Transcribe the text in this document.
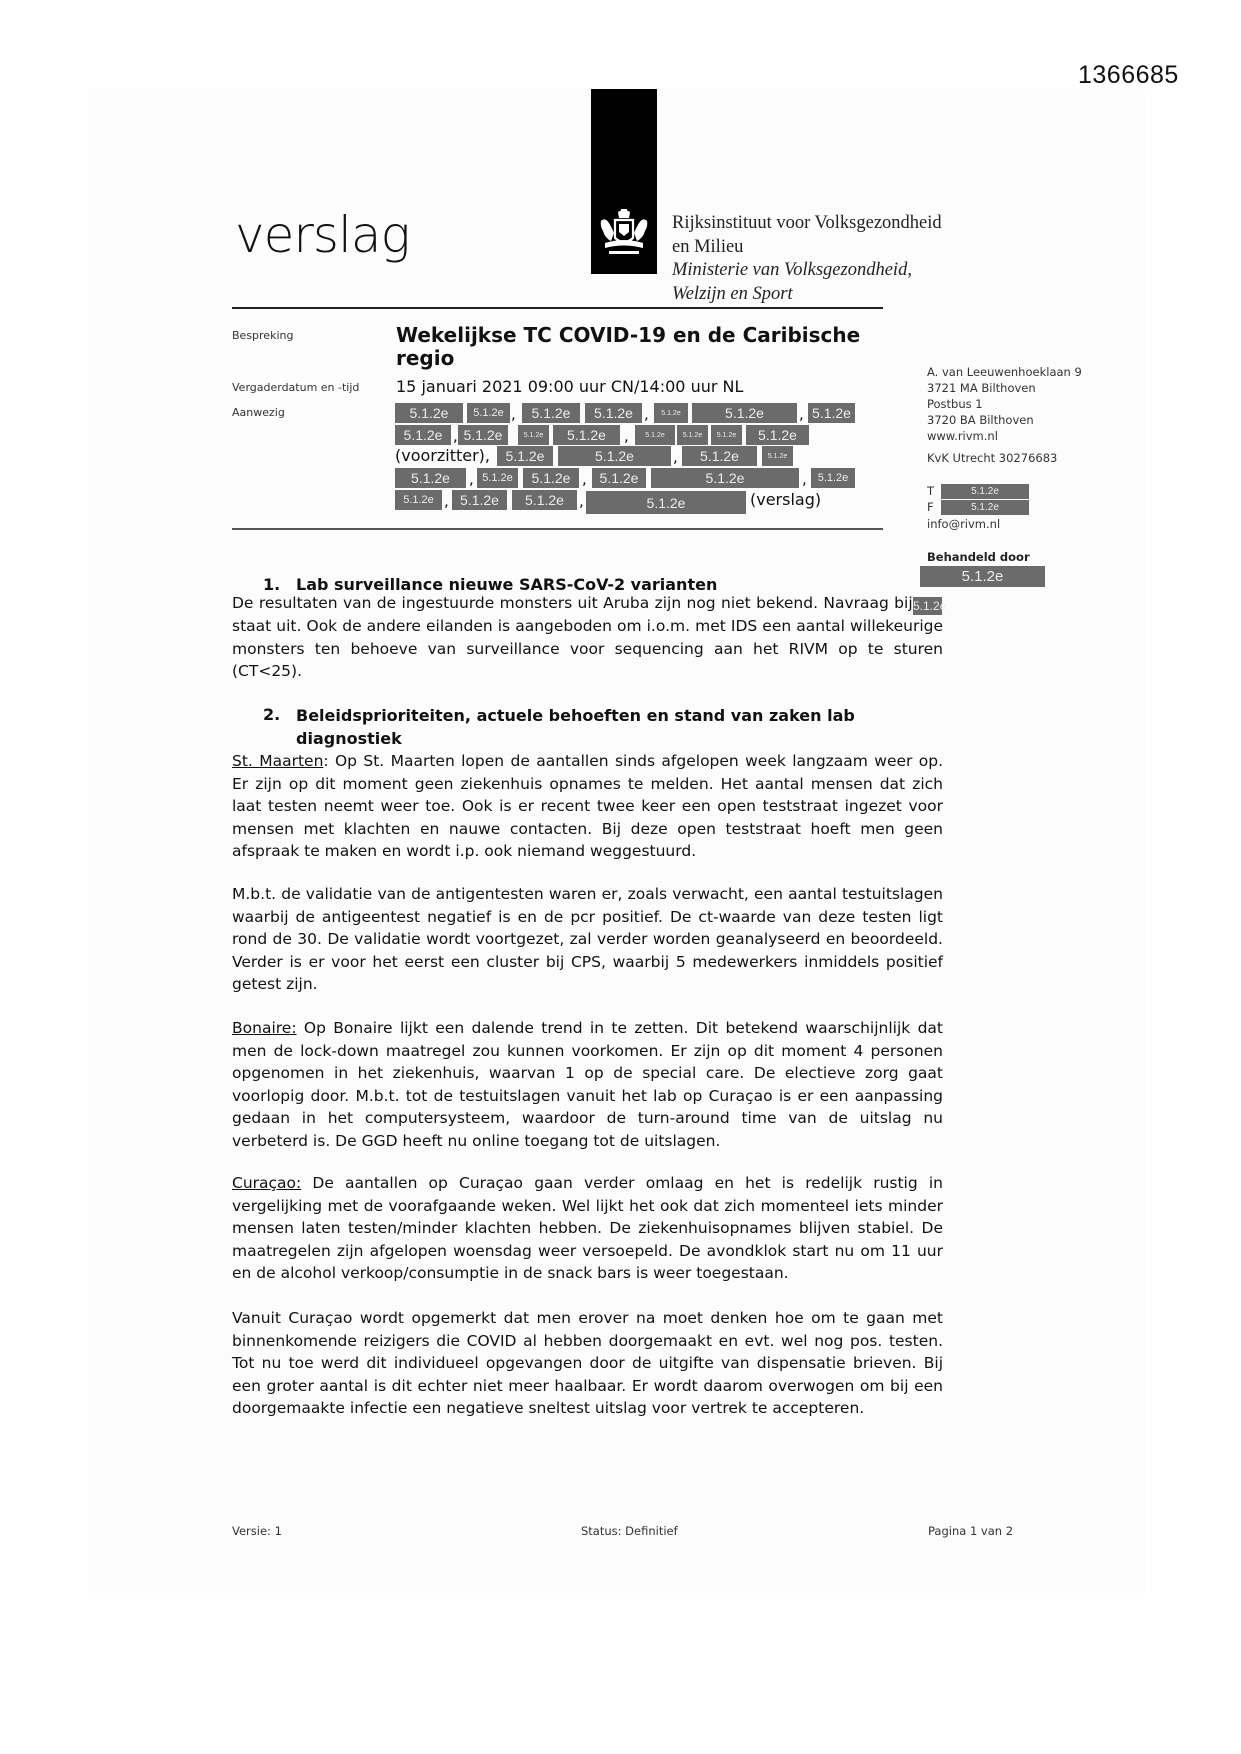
1366685
verslag	Rijksinstituut voor Volksgezondheid
en Milieu
Ministerie van Volksgezondheid,
Welzijn en Sport
Bespreking	Wekelijkse TC COVID-19 en de Caribische regio
Vergaderdatum en -tijd 15 januari 2021 09:00 uur CN/14:00 uur NL
Aanwezig	5.1.2e	5.1.2e ,	5.1.2e	5.1.2e ,	5.1.2e	5.1.2e	, 5.1.2e
5.1.2e , 5.1.2e	5.1.2e	5.1.2e	,	5.1.2e	5.1.2e	5.1.2e	5.1.2e
(voorzitter),	5.1.2e	5.1.2e	,	5.1.2e	5.1.2e
5.1.2e	, 5.1.2e	5.1.2e , 5.1.2e	5.1.2e	, 5.1.2e
5.1.2e , 5.1.2e	5.1.2e	,	5.1.2e	(verslag)
A. van Leeuwenhoeklaan 9
3721 MA Bilthoven
Postbus 1
3720 BA Bilthoven
www.rivm.nl
KvK Utrecht 30276683
T	5.1.2e
F	5.1.2e
info@rivm.nl
Behandeld door
5.1.2e
1. Lab surveillance nieuwe SARS-CoV-2 varianten
De resultaten van de ingestuurde monsters uit Aruba zijn nog niet bekend. Navraag bij 5.1.2e staat uit. Ook de andere eilanden is aangeboden om i.o.m. met IDS een aantal willekeurige monsters ten behoeve van surveillance voor sequencing aan het RIVM op te sturen (CT<25).
2. Beleidsprioriteiten, actuele behoeften en stand van zaken lab
diagnostiek
St. Maarten: Op St. Maarten lopen de aantallen sinds afgelopen week langzaam weer op. Er zijn op dit moment geen ziekenhuis opnames te melden. Het aantal mensen dat zich laat testen neemt weer toe. Ook is er recent twee keer een open teststraat ingezet voor mensen met klachten en nauwe contacten. Bij deze open teststraat hoeft men geen afspraak te maken en wordt i.p. ook niemand weggestuurd.
M.b.t. de validatie van de antigentesten waren er, zoals verwacht, een aantal testuitslagen waarbij de antigeentest negatief is en de pcr positief. De ct-waarde van deze testen ligt rond de 30. De validatie wordt voortgezet, zal verder worden geanalyseerd en beoordeeld. Verder is er voor het eerst een cluster bij CPS, waarbij 5 medewerkers inmiddels positief getest zijn.
Bonaire: Op Bonaire lijkt een dalende trend in te zetten. Dit betekend waarschijnlijk dat men de lock-down maatregel zou kunnen voorkomen. Er zijn op dit moment 4 personen opgenomen in het ziekenhuis, waarvan 1 op de special care. De electieve zorg gaat voorlopig door. M.b.t. tot de testuitslagen vanuit het lab op Curaçao is er een aanpassing gedaan in het computersysteem, waardoor de turn-around time van de uitslag nu verbeterd is. De GGD heeft nu online toegang tot de uitslagen.
Curaçao: De aantallen op Curaçao gaan verder omlaag en het is redelijk rustig in vergelijking met de voorafgaande weken. Wel lijkt het ook dat zich momenteel iets minder mensen laten testen/minder klachten hebben. De ziekenhuisopnames blijven stabiel. De maatregelen zijn afgelopen woensdag weer versoepeld. De avondklok start nu om 11 uur en de alcohol verkoop/consumptie in de snack bars is weer toegestaan.
Vanuit Curaçao wordt opgemerkt dat men erover na moet denken hoe om te gaan met binnenkomende reizigers die COVID al hebben doorgemaakt en evt. wel nog pos. testen. Tot nu toe werd dit individueel opgevangen door de uitgifte van dispensatie brieven. Bij een groter aantal is dit echter niet meer haalbaar. Er wordt daarom overwogen om bij een doorgemaakte infectie een negatieve sneltest uitslag voor vertrek te accepteren.
Versie: 1	Status: Definitief	Pagina 1 van 2
